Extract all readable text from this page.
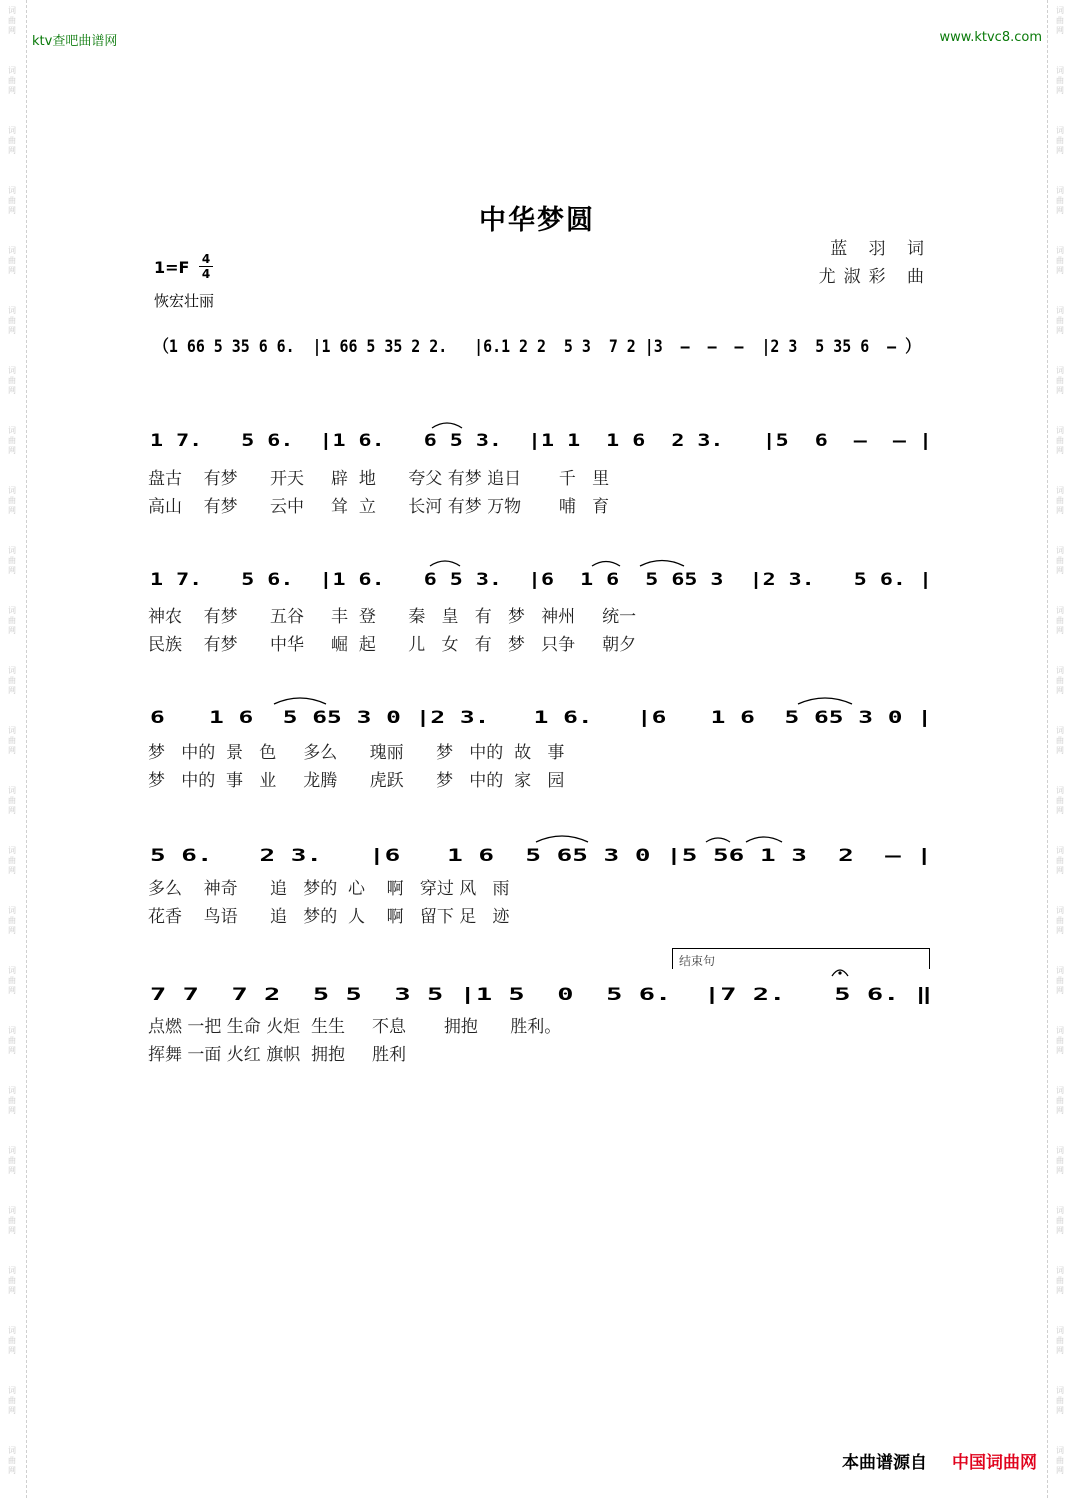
词
曲
网
词
曲
网
词
曲
网
词
曲
网
词
曲
网
词
曲
网
词
曲
网
词
曲
网
词
曲
网
词
曲
网
词
曲
网
词
曲
网
词
曲
网
词
曲
网
词
曲
网
词
曲
网
词
曲
网
词
曲
网
词
曲
网
词
曲
网
词
曲
网
词
曲
网
词
曲
网
词
曲
网
词
曲
网
词
曲
网
词
曲
网
词
曲
网
词
曲
网
词
曲
网
词
曲
网
词
曲
网
词
曲
网
词
曲
网
词
曲
网
词
曲
网
词
曲
网
词
曲
网
词
曲
网
词
曲
网
词
曲
网
词
曲
网
词
曲
网
词
曲
网
词
曲
网
词
曲
网
词
曲
网
词
曲
网
词
曲
网
词
曲
网
ktv查吧曲谱网	www.ktvc8.com
中华梦圆
蓝 羽 词
尤淑彩 曲
1=F 4
4
恢宏壮丽
（1 66 5 35 6 6.  |1 66 5 35 2 2.   |6.1 2 2  5 3  7 2 |3  –  –  –  |2 3  5 35 6  – ）
1 7.   5 6.  |1 6.   6 5 3.  |1 1  1 6  2 3.   |5  6  –  – |
1 7.   5 6.  |1 6.   6 5 3.  |6  1 6  5 65 3  |2 3.   5 6. |
6   1 6  5 65 3 0 |2 3.   1 6.   |6   1 6  5 65 3 0 |
5 6.   2 3.   |6   1 6  5 65 3 0 |5 56 1 3  2  – |
7 7  7 2  5 5  3 5 |1 5  0  5 6.  |7 2.   5 6. ‖
盘古    有梦      开天     辟  地      夸父 有梦 追日       千   里
高山    有梦      云中     耸  立      长河 有梦 万物       哺   育
神农    有梦      五谷     丰  登      秦   皇   有   梦   神州     统一
民族    有梦      中华     崛  起      儿   女   有   梦   只争     朝夕
梦   中的  景   色     多么      瑰丽      梦   中的  故   事
梦   中的  事   业     龙腾      虎跃      梦   中的  家   园
多么    神奇      追   梦的  心    啊   穿过 风   雨
花香    鸟语      追   梦的  人    啊   留下 足   迹
点燃 一把 生命 火炬  生生     不息       拥抱      胜利。
挥舞 一面 火红 旗帜  拥抱     胜利
结束句
本曲谱源自 中国词曲网
